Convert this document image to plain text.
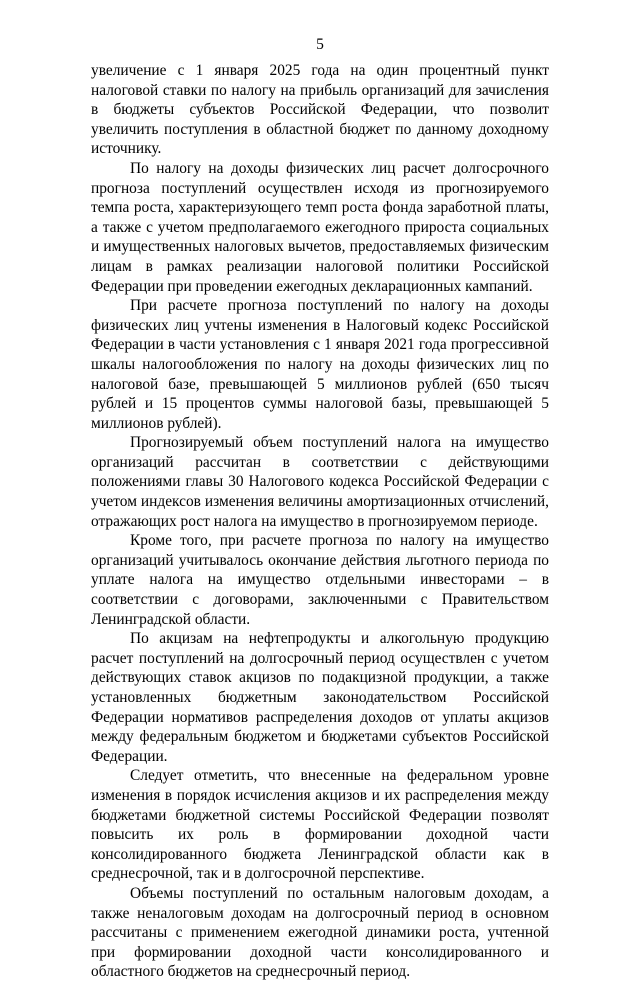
5

увеличение с 1 января 2025 года на один процентный пункт налоговой ставки по налогу на прибыль организаций для зачисления в бюджеты субъектов Российской Федерации, что позволит увеличить поступления в областной бюджет по данному доходному источнику.

По налогу на доходы физических лиц расчет долгосрочного прогноза поступлений осуществлен исходя из прогнозируемого темпа роста, характеризующего темп роста фонда заработной платы, а также с учетом предполагаемого ежегодного прироста социальных и имущественных налоговых вычетов, предоставляемых физическим лицам в рамках реализации налоговой политики Российской Федерации при проведении ежегодных декларационных кампаний.

При расчете прогноза поступлений по налогу на доходы физических лиц учтены изменения в Налоговый кодекс Российской Федерации в части установления с 1 января 2021 года прогрессивной шкалы налогообложения по налогу на доходы физических лиц по налоговой базе, превышающей 5 миллионов рублей (650 тысяч рублей и 15 процентов суммы налоговой базы, превышающей 5 миллионов рублей).

Прогнозируемый объем поступлений налога на имущество организаций рассчитан в соответствии с действующими положениями главы 30 Налогового кодекса Российской Федерации с учетом индексов изменения величины амортизационных отчислений, отражающих рост налога на имущество в прогнозируемом периоде.

Кроме того, при расчете прогноза по налогу на имущество организаций учитывалось окончание действия льготного периода по уплате налога на имущество отдельными инвесторами – в соответствии с договорами, заключенными с Правительством Ленинградской области.

По акцизам на нефтепродукты и алкогольную продукцию расчет поступлений на долгосрочный период осуществлен с учетом действующих ставок акцизов по подакцизной продукции, а также установленных бюджетным законодательством Российской Федерации нормативов распределения доходов от уплаты акцизов между федеральным бюджетом и бюджетами субъектов Российской Федерации.

Следует отметить, что внесенные на федеральном уровне изменения в порядок исчисления акцизов и их распределения между бюджетами бюджетной системы Российской Федерации позволят повысить их роль в формировании доходной части консолидированного бюджета Ленинградской области как в среднесрочной, так и в долгосрочной перспективе.

Объемы поступлений по остальным налоговым доходам, а также неналоговым доходам на долгосрочный период в основном рассчитаны с применением ежегодной динамики роста, учтенной при формировании доходной части консолидированного и областного бюджетов на среднесрочный период.
